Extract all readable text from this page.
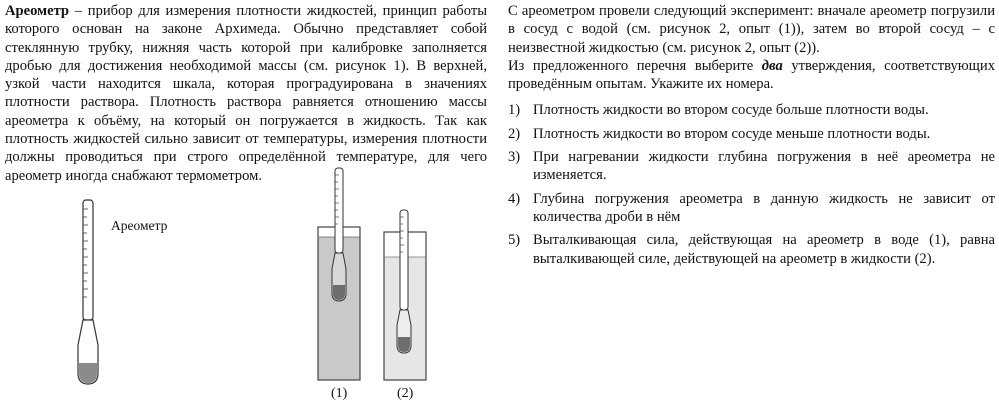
Ареометр – прибор для измерения плотности жидкостей, принцип работы которого основан на законе Архимеда. Обычно представляет собой стеклянную трубку, нижняя часть которой при калибровке заполняется дробью для достижения необходимой массы (см. рисунок 1). В верхней, узкой части находится шкала, которая проградуирована в значениях плотности раствора. Плотность раствора равняется отношению массы ареометра к объёму, на который он погружается в жидкость. Так как плотность жидкостей сильно зависит от температуры, измерения плотности должны проводиться при строго определённой температуре, для чего ареометр иногда снабжают термометром.
Ареометр
(1)	(2)

С ареометром провели следующий эксперимент: вначале ареометр погрузили в сосуд с водой (см. рисунок 2, опыт (1)), затем во второй сосуд – с неизвестной жидкостью (см. рисунок 2, опыт (2)).

Из предложенного перечня выберите два утверждения, соответствующих проведённым опытам. Укажите их номера.

1) Плотность жидкости во втором сосуде больше плотности воды.
2) Плотность жидкости во втором сосуде меньше плотности воды.
3) При нагревании жидкости глубина погружения в неё ареометра не изменяется.
4) Глубина погружения ареометра в данную жидкость не зависит от количества дроби в нём
5) Выталкивающая сила, действующая на ареометр в воде (1), равна выталкивающей силе, действующей на ареометр в жидкости (2).
